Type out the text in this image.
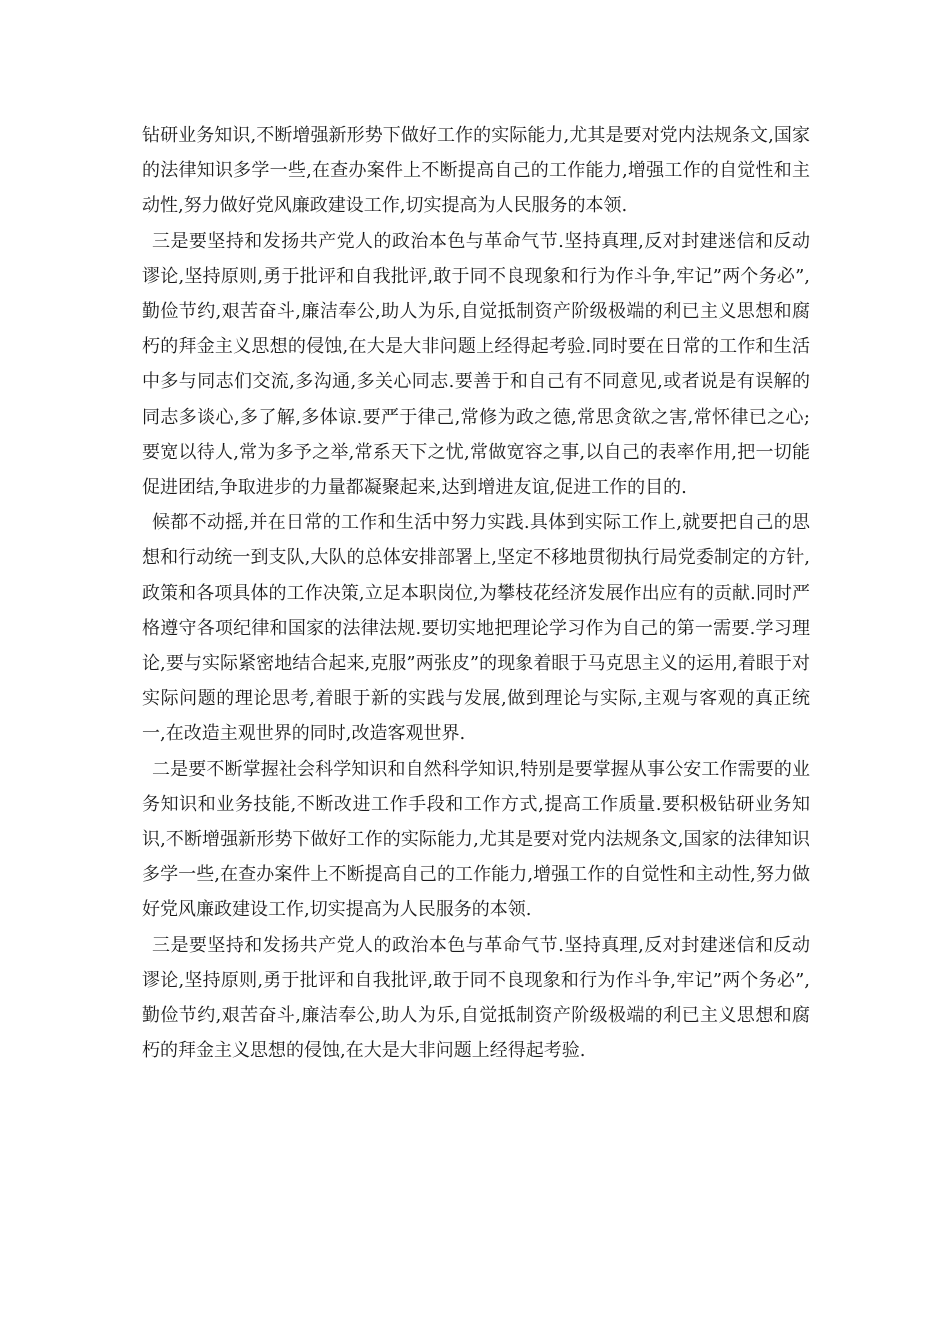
钻研业务知识,不断增强新形势下做好工作的实际能力,尤其是要对党内法规条文,国家的法律知识多学一些,在查办案件上不断提高自己的工作能力,增强工作的自觉性和主动性,努力做好党风廉政建设工作,切实提高为人民服务的本领.

三是要坚持和发扬共产党人的政治本色与革命气节.坚持真理,反对封建迷信和反动谬论,坚持原则,勇于批评和自我批评,敢于同不良现象和行为作斗争,牢记”两个务必”,勤俭节约,艰苦奋斗,廉洁奉公,助人为乐,自觉抵制资产阶级极端的利已主义思想和腐朽的拜金主义思想的侵蚀,在大是大非问题上经得起考验.同时要在日常的工作和生活中多与同志们交流,多沟通,多关心同志.要善于和自己有不同意见,或者说是有误解的同志多谈心,多了解,多体谅.要严于律己,常修为政之德,常思贪欲之害,常怀律已之心;要宽以待人,常为多予之举,常系天下之忧,常做宽容之事,以自己的表率作用,把一切能促进团结,争取进步的力量都凝聚起来,达到增进友谊,促进工作的目的.

候都不动摇,并在日常的工作和生活中努力实践.具体到实际工作上,就要把自己的思想和行动统一到支队,大队的总体安排部署上,坚定不移地贯彻执行局党委制定的方针,政策和各项具体的工作决策,立足本职岗位,为攀枝花经济发展作出应有的贡献.同时严格遵守各项纪律和国家的法律法规.要切实地把理论学习作为自己的第一需要.学习理论,要与实际紧密地结合起来,克服”两张皮”的现象着眼于马克思主义的运用,着眼于对实际问题的理论思考,着眼于新的实践与发展,做到理论与实际,主观与客观的真正统一,在改造主观世界的同时,改造客观世界.

二是要不断掌握社会科学知识和自然科学知识,特别是要掌握从事公安工作需要的业务知识和业务技能,不断改进工作手段和工作方式,提高工作质量.要积极钻研业务知识,不断增强新形势下做好工作的实际能力,尤其是要对党内法规条文,国家的法律知识多学一些,在查办案件上不断提高自己的工作能力,增强工作的自觉性和主动性,努力做好党风廉政建设工作,切实提高为人民服务的本领.

三是要坚持和发扬共产党人的政治本色与革命气节.坚持真理,反对封建迷信和反动谬论,坚持原则,勇于批评和自我批评,敢于同不良现象和行为作斗争,牢记”两个务必”,勤俭节约,艰苦奋斗,廉洁奉公,助人为乐,自觉抵制资产阶级极端的利已主义思想和腐朽的拜金主义思想的侵蚀,在大是大非问题上经得起考验.
